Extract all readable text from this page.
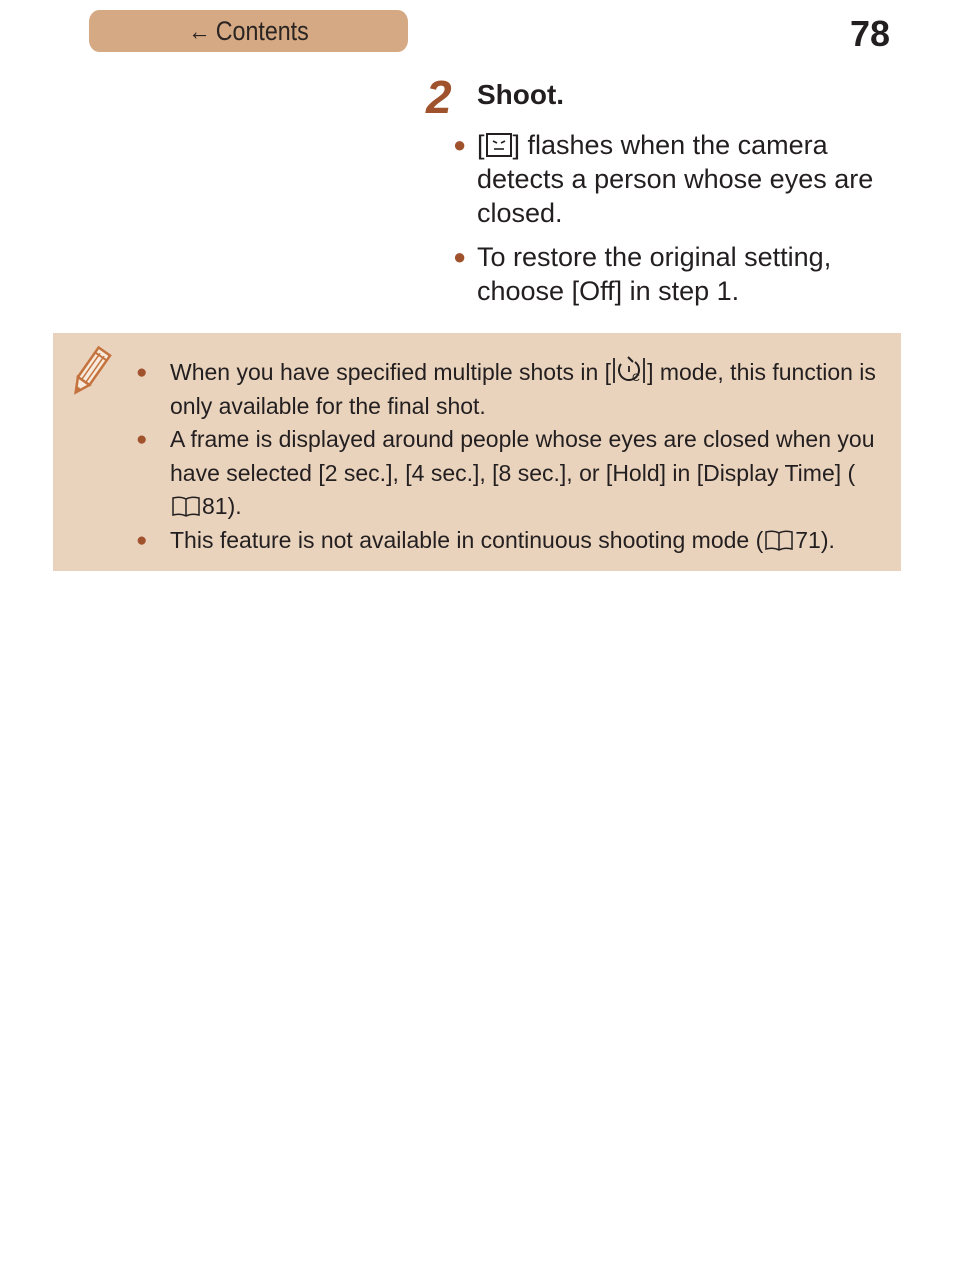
← Contents	78
2 Shoot.
● [ ] flashes when the camera detects a person whose eyes are closed.
● To restore the original setting, choose [Off] in step 1.
● When you have specified multiple shots in [ C ] mode, this function is only available for the final shot.
● A frame is displayed around people whose eyes are closed when you have selected [2 sec.], [4 sec.], [8 sec.], or [Hold] in [Display Time] (81).
● This feature is not available in continuous shooting mode ( 71).
